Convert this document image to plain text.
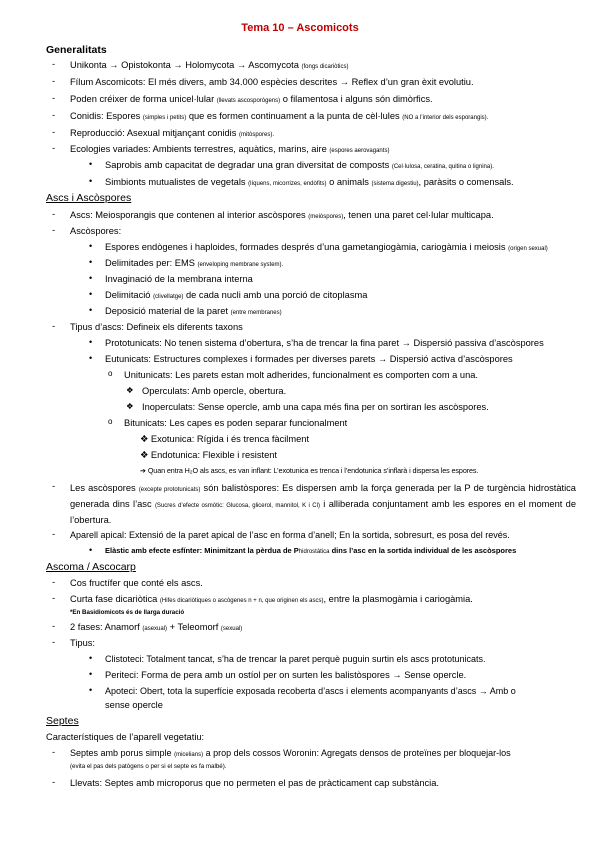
Tema 10 – Ascomicots
Generalitats
- Unikonta → Opistokonta → Holomycota → Ascomycota (fongs dicariòtics)
- Fílum Ascomicots: El més divers, amb 34.000 espècies descrites → Reflex d’un gran èxit evolutiu.
- Poden créixer de forma unicel·lular (llevats ascosporògens) o filamentosa i alguns són dimòrfics.
- Conidis: Espores (simples i petits) que es formen continuament a la punta de cèl·lules (NO a l’interior dels esporangis).
- Reproducció: Asexual mitjançant conidis (mitòspores).
- Ecologies variades: Ambients terrestres, aquàtics, marins, aire (espores aerovagants)
• Saprobis amb capacitat de degradar una gran diversitat de composts (Cel·lulosa, ceratina, quitina o lignina).
• Simbionts mutualistes de vegetals (líquens, micorrizes, endòfits) o animals (sistema digestiu), paràsits o comensals.
Ascs i Ascòspores
- Ascs: Meiosporangis que contenen al interior ascòspores (meiòspores), tenen una paret cel·lular multicapa.
- Ascòspores:
• Espores endògenes i haploides, formades després d’una gametangiogàmia, cariogàmia i meiosis (origen sexual)
• Delimitades per: EMS (enveloping membrane system).
• Invaginació de la membrana interna
• Delimitació (clivellatge) de cada nucli amb una porció de citoplasma
• Deposició material de la paret (entre membranes)
- Tipus d’ascs: Defineix els diferents taxons
• Prototunicats: No tenen sistema d’obertura, s’ha de trencar la fina paret → Dispersió passiva d’ascòspores
• Eutunicats: Estructures complexes i formades per diverses parets → Dispersió activa d’ascòspores
o Unitunicats: Les parets estan molt adherides, funcionalment es comporten com a una.
❖ Operculats: Amb opercle, obertura.
❖ Inoperculats: Sense opercle, amb una capa més fina per on sortiran les ascòspores.
o Bitunicats: Les capes es poden separar funcionalment
❖ Exotunica: Rígida i és trenca fàcilment
❖ Endotunica: Flexible i resistent
➔ Quan entra H₂O als ascs, es van inflant: L’exotunica es trenca i l’endotunica s’inflarà i dispersa les espores.
- Les ascòspores (excepte prototunicats) són balistòspores: Es dispersen amb la força generada per la P de turgència hidrostàtica generada dins l’asc (Sucres d’efecte osmòtic: Glucosa, glicerol, mannitol, K i Cl) i alliberada conjuntament amb les espores en el moment de l’obertura.
- Aparell apical: Extensió de la paret apical de l’asc en forma d’anell; En la sortida, sobresurt, es posa del revés.
• Elàstic amb efecte esfínter: Minimitzant la pèrdua de Phidrostàtica dins l’asc en la sortida individual de les ascòspores
Ascoma / Ascocarp
- Cos fructífer que conté els ascs.
- Curta fase dicariòtica (Hifes dicariòtiques o ascògenes n + n, que originen els ascs), entre la plasmogàmia i cariogàmia.
*En Basidiomicots és de llarga duració
- 2 fases: Anamorf (asexual) + Teleomorf (sexual)
- Tipus:
• Clistoteci: Totalment tancat, s’ha de trencar la paret perquè puguin surtin els ascs prototunicats.
• Periteci: Forma de pera amb un ostíol per on surten les balistòspores → Sense opercle.
• Apoteci: Obert, tota la superfície exposada recoberta d’ascs i elements acompanyants d’ascs → Amb o
sense opercle
Septes
Característiques de l’aparell vegetatiu:
- Septes amb porus simple (micelians) a prop dels cossos Woronin: Agregats densos de proteïnes per bloquejar-los
(evita el pas dels patògens o per si el septe es fa malbé).
- Llevats: Septes amb microporus que no permeten el pas de pràcticament cap substància.
